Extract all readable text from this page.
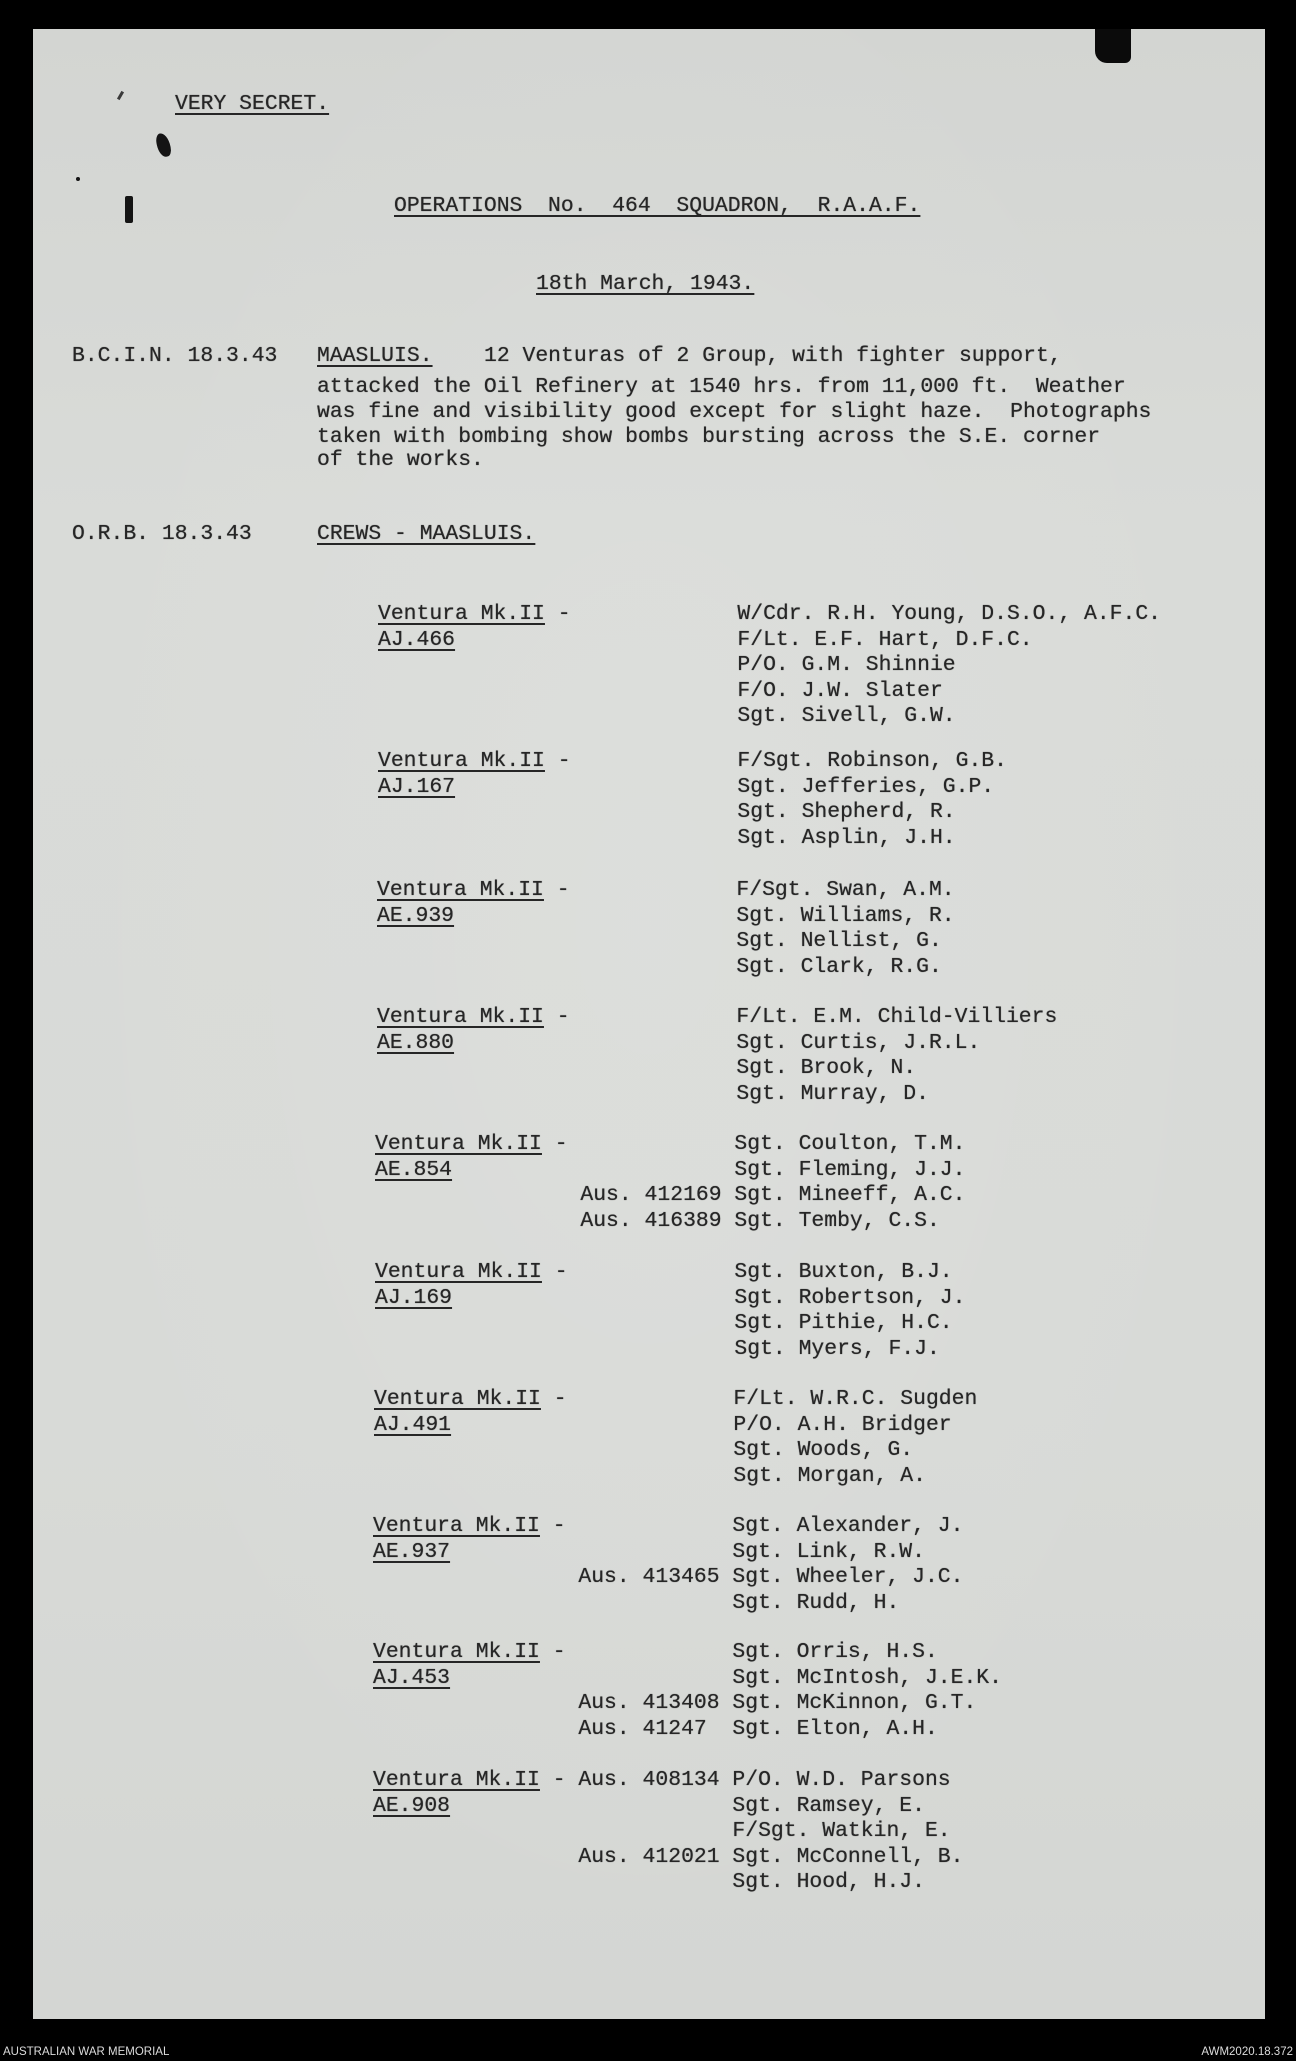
VERY SECRET.
OPERATIONS No. 464 SQUADRON, R.A.A.F.
18th March, 1943.
B.C.I.N. 18.3.43 MAASLUIS. 12 Venturas of 2 Group, with fighter support,
attacked the Oil Refinery at 1540 hrs. from 11,000 ft.  Weather
was fine and visibility good except for slight haze.  Photographs
taken with bombing show bombs bursting across the S.E. corner
of the works.
O.R.B. 18.3.43	CREWS - MAASLUIS.
Ventura Mk.II -
AJ.466
W/Cdr. R.H. Young, D.S.O., A.F.C.
F/Lt. E.F. Hart, D.F.C.
P/O. G.M. Shinnie
F/O. J.W. Slater
Sgt. Sivell, G.W.
Ventura Mk.II -
AJ.167
F/Sgt. Robinson, G.B.
Sgt. Jefferies, G.P.
Sgt. Shepherd, R.
Sgt. Asplin, J.H.
Ventura Mk.II -
AE.939
F/Sgt. Swan, A.M.
Sgt. Williams, R.
Sgt. Nellist, G.
Sgt. Clark, R.G.
Ventura Mk.II -
AE.880
F/Lt. E.M. Child-Villiers
Sgt. Curtis, J.R.L.
Sgt. Brook, N.
Sgt. Murray, D.
Ventura Mk.II -
AE.854
Sgt. Coulton, T.M.
Sgt. Fleming, J.J.
Aus. 412169 Sgt. Mineeff, A.C.
Aus. 416389 Sgt. Temby, C.S.
Ventura Mk.II -
AJ.169
Sgt. Buxton, B.J.
Sgt. Robertson, J.
Sgt. Pithie, H.C.
Sgt. Myers, F.J.
Ventura Mk.II -
AJ.491
F/Lt. W.R.C. Sugden
P/O. A.H. Bridger
Sgt. Woods, G.
Sgt. Morgan, A.
Ventura Mk.II -
AE.937
Sgt. Alexander, J.
Sgt. Link, R.W.
Aus. 413465 Sgt. Wheeler, J.C.
Sgt. Rudd, H.
Ventura Mk.II -
AJ.453
Sgt. Orris, H.S.
Sgt. McIntosh, J.E.K.
Aus. 413408 Sgt. McKinnon, G.T.
Aus. 41247 Sgt. Elton, A.H.
Ventura Mk.II -
AE.908
Aus. 408134 P/O. W.D. Parsons
Sgt. Ramsey, E.
F/Sgt. Watkin, E.
Aus. 412021 Sgt. McConnell, B.
Sgt. Hood, H.J.
AUSTRALIAN WAR MEMORIAL	AWM2020.18.372
